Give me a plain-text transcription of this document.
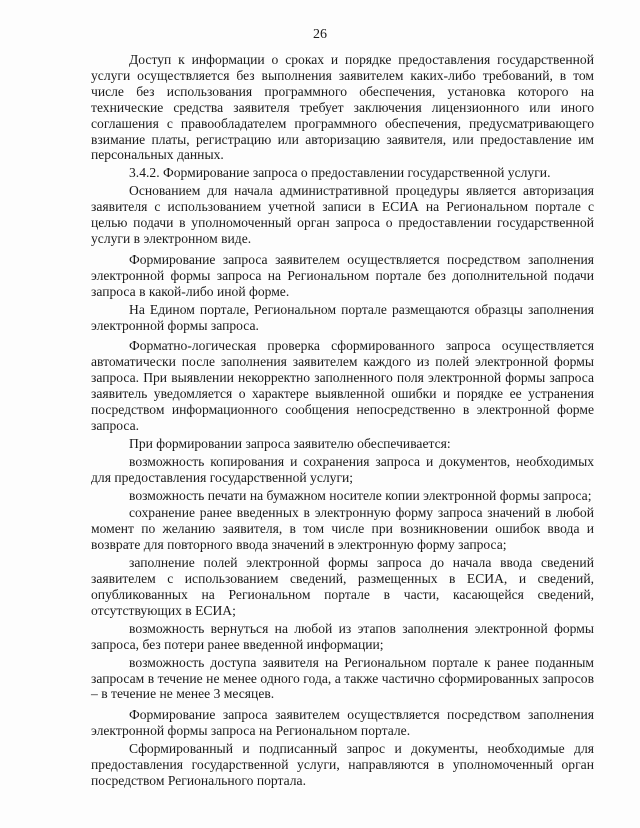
26

Доступ к информации о сроках и порядке предоставления государственной услуги осуществляется без выполнения заявителем каких-либо требований, в том числе без использования программного обеспечения, установка которого на технические средства заявителя требует заключения лицензионного или иного соглашения с правообладателем программного обеспечения, предусматривающего взимание платы, регистрацию или авторизацию заявителя, или предоставление им персональных данных.

3.4.2. Формирование запроса о предоставлении государственной услуги.

Основанием для начала административной процедуры является авторизация заявителя с использованием учетной записи в ЕСИА на Региональном портале с целью подачи в уполномоченный орган запроса о предоставлении государственной услуги в электронном виде.

Формирование запроса заявителем осуществляется посредством заполнения электронной формы запроса на Региональном портале без дополнительной подачи запроса в какой-либо иной форме.

На Едином портале, Региональном портале размещаются образцы заполнения электронной формы запроса.

Форматно-логическая проверка сформированного запроса осуществляется автоматически после заполнения заявителем каждого из полей электронной формы запроса. При выявлении некорректно заполненного поля электронной формы запроса заявитель уведомляется о характере выявленной ошибки и порядке ее устранения посредством информационного сообщения непосредственно в электронной форме запроса.

При формировании запроса заявителю обеспечивается:

возможность копирования и сохранения запроса и документов, необходимых для предоставления государственной услуги;

возможность печати на бумажном носителе копии электронной формы запроса;

сохранение ранее введенных в электронную форму запроса значений в любой момент по желанию заявителя, в том числе при возникновении ошибок ввода и возврате для повторного ввода значений в электронную форму запроса;

заполнение полей электронной формы запроса до начала ввода сведений заявителем с использованием сведений, размещенных в ЕСИА, и сведений, опубликованных на Региональном портале в части, касающейся сведений, отсутствующих в ЕСИА;

возможность вернуться на любой из этапов заполнения электронной формы запроса, без потери ранее введенной информации;

возможность доступа заявителя на Региональном портале к ранее поданным запросам в течение не менее одного года, а также частично сформированных запросов – в течение не менее 3 месяцев.

Формирование запроса заявителем осуществляется посредством заполнения электронной формы запроса на Региональном портале.

Сформированный и подписанный запрос и документы, необходимые для предоставления государственной услуги, направляются в уполномоченный орган посредством Регионального портала.
